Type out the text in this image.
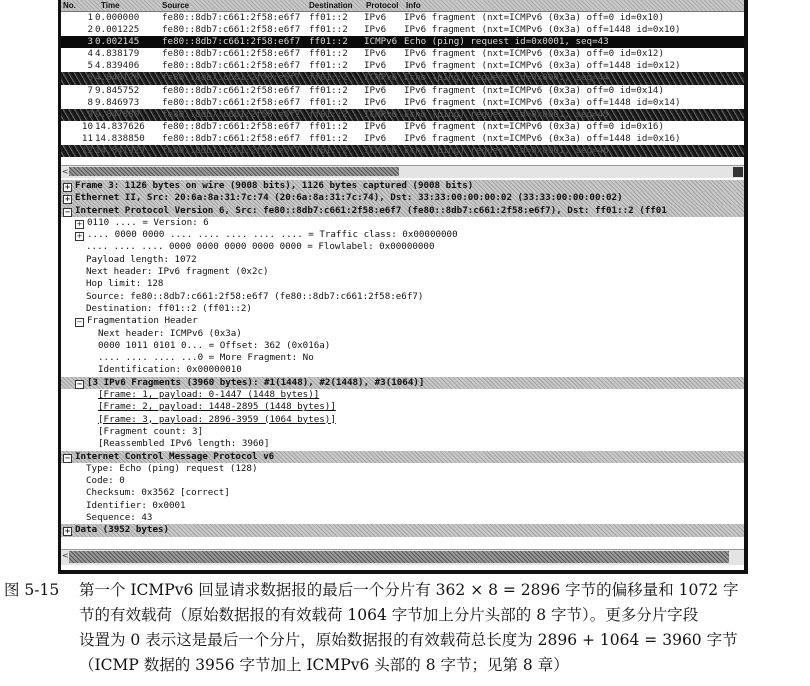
No.	Time	Source	Destination Protocol Info
1 0.000000 fe80::8db7:c661:2f58:e6f7 ff01::2 IPv6 IPv6 fragment (nxt=ICMPv6 (0x3a) off=0 id=0x10)
2 0.001225 fe80::8db7:c661:2f58:e6f7 ff01::2 IPv6 IPv6 fragment (nxt=ICMPv6 (0x3a) off=1448 id=0x10)
3 0.002145 fe80::8db7:c661:2f58:e6f7 ff01::2 ICMPv6 Echo (ping) request id=0x0001, seq=43
4 4.838179 fe80::8db7:c661:2f58:e6f7 ff01::2 IPv6 IPv6 fragment (nxt=ICMPv6 (0x3a) off=0 id=0x12)
5 4.839406 fe80::8db7:c661:2f58:e6f7 ff01::2 IPv6 IPv6 fragment (nxt=ICMPv6 (0x3a) off=1448 id=0x12)
6 4.840128 fe80::8db7:c661:2f58:e6f7 ff01::2 ICMPv6 Echo (ping) request id=0x0001, seq=44
7 9.845752 fe80::8db7:c661:2f58:e6f7 ff01::2 IPv6 IPv6 fragment (nxt=ICMPv6 (0x3a) off=0 id=0x14)
8 9.846973 fe80::8db7:c661:2f58:e6f7 ff01::2 IPv6 IPv6 fragment (nxt=ICMPv6 (0x3a) off=1448 id=0x14)
9 9.847880 fe80::8db7:c661:2f58:e6f7 ff01::2 ICMPv6 Echo (ping) request id=0x0001, seq=45
10 14.837626 fe80::8db7:c661:2f58:e6f7 ff01::2 IPv6 IPv6 fragment (nxt=ICMPv6 (0x3a) off=0 id=0x16)
11 14.838850 fe80::8db7:c661:2f58:e6f7 ff01::2 IPv6 IPv6 fragment (nxt=ICMPv6 (0x3a) off=1448 id=0x16)
12 14.841929 fe80::8db7:c661:2f58:e6f7 ff01::2 ICMPv6 Echo (ping) request id=0x0001, seq=46
<
+ Frame 3: 1126 bytes on wire (9008 bits), 1126 bytes captured (9008 bits)
+ Ethernet II, Src: 20:6a:8a:31:7c:74 (20:6a:8a:31:7c:74), Dst: 33:33:00:00:00:02 (33:33:00:00:00:02)
− Internet Protocol Version 6, Src: fe80::8db7:c661:2f58:e6f7 (fe80::8db7:c661:2f58:e6f7), Dst: ff01::2 (ff01
+ 0110 .... = Version: 6
+ .... 0000 0000 .... .... .... .... .... = Traffic class: 0x00000000
.... .... .... 0000 0000 0000 0000 0000 = Flowlabel: 0x00000000
Payload length: 1072
Next header: IPv6 fragment (0x2c)
Hop limit: 128
Source: fe80::8db7:c661:2f58:e6f7 (fe80::8db7:c661:2f58:e6f7)
Destination: ff01::2 (ff01::2)
− Fragmentation Header
Next header: ICMPv6 (0x3a)
0000 1011 0101 0... = Offset: 362 (0x016a)
.... .... .... ...0 = More Fragment: No
Identification: 0x00000010
− [3 IPv6 Fragments (3960 bytes): #1(1448), #2(1448), #3(1064)]
[Frame: 1, payload: 0-1447 (1448 bytes)]
[Frame: 2, payload: 1448-2895 (1448 bytes)]
[Frame: 3, payload: 2896-3959 (1064 bytes)]
[Fragment count: 3]
[Reassembled IPv6 length: 3960]
− Internet Control Message Protocol v6
Type: Echo (ping) request (128)
Code: 0
Checksum: 0x3562 [correct]
Identifier: 0x0001
Sequence: 43
+ Data (3952 bytes)
<
图 5-15	第一个 ICMPv6 回显请求数据报的最后一个分片有 362 × 8 = 2896 字节的偏移量和 1072 字
节的有效载荷（原始数据报的有效载荷 1064 字节加上分片头部的 8 字节）。更多分片字段
设置为 0 表示这是最后一个分片，原始数据报的有效载荷总长度为 2896 + 1064 = 3960 字节
（ICMP 数据的 3956 字节加上 ICMPv6 头部的 8 字节；见第 8 章）
